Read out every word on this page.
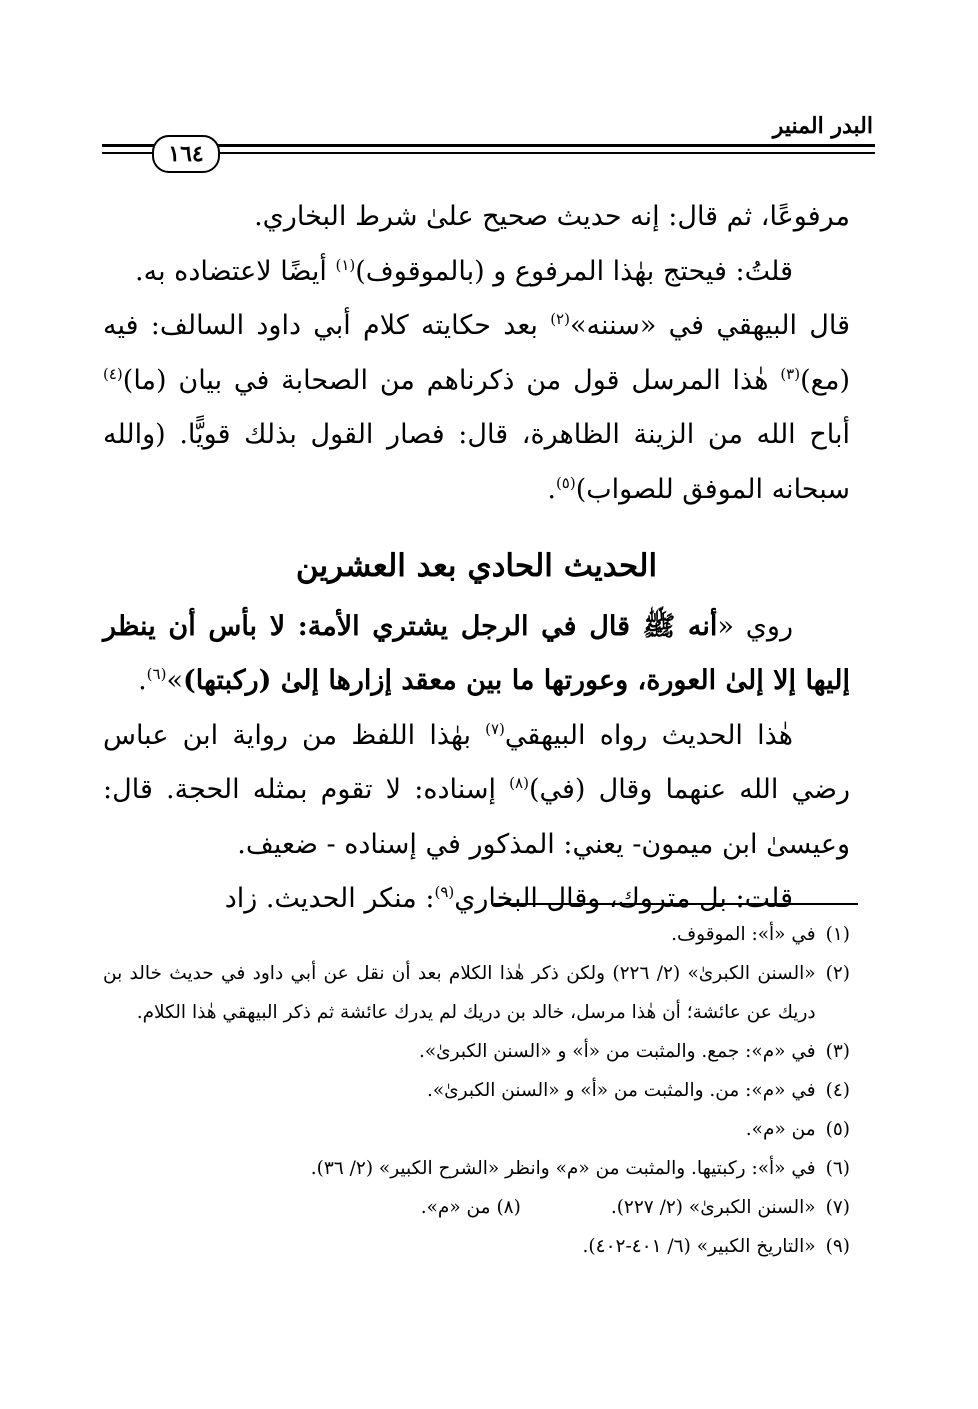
البدر المنير
١٦٤

مرفوعًا، ثم قال: إنه حديث صحيح علىٰ شرط البخاري.

قلتُ: فيحتج بهٰذا المرفوع و (بالموقوف)$^{(١)}$ أيضًا لاعتضاده به.

قال البيهقي في «سننه»$^{(٢)}$ بعد حكايته كلام أبي داود السالف: فيه (مع)$^{(٣)}$ هٰذا المرسل قول من ذكرناهم من الصحابة في بيان (ما)$^{(٤)}$ أباح الله من الزينة الظاهرة، قال: فصار القول بذلك قويًّا. (والله سبحانه الموفق للصواب)$^{(٥)}$.

الحديث الحادي بعد العشرين

روي «أنه ﷺ قال في الرجل يشتري الأمة: لا بأس أن ينظر إليها إلا إلىٰ العورة، وعورتها ما بين معقد إزارها إلىٰ (ركبتها)»$^{(٦)}$.

هٰذا الحديث رواه البيهقي$^{(٧)}$ بهٰذا اللفظ من رواية ابن عباس رضي الله عنهما وقال (في)$^{(٨)}$ إسناده: لا تقوم بمثله الحجة. قال: وعيسىٰ ابن ميمون- يعني: المذكور في إسناده - ضعيف.

قلت: بل متروك، وقال البخاري$^{(٩)}$: منكر الحديث. زاد

(١)
في «أ»: الموقوف.
(٢)
«السنن الكبرىٰ» (٢/ ٢٢٦) ولكن ذكر هٰذا الكلام بعد أن نقل عن أبي داود في حديث خالد بن دريك عن عائشة؛ أن هٰذا مرسل، خالد بن دريك لم يدرك عائشة ثم ذكر البيهقي هٰذا الكلام.
(٣)
في «م»: جمع. والمثبت من «أ» و «السنن الكبرىٰ».
(٤)
في «م»: من. والمثبت من «أ» و «السنن الكبرىٰ».
(٥)
من «م».
(٦)
في «أ»: ركبتيها. والمثبت من «م» وانظر «الشرح الكبير» (٢/ ٣٦).
(٧)
«السنن الكبرىٰ» (٢/ ٢٢٧).(٨) من «م».
(٩)
«التاريخ الكبير» (٦/ ٤٠١-٤٠٢).
